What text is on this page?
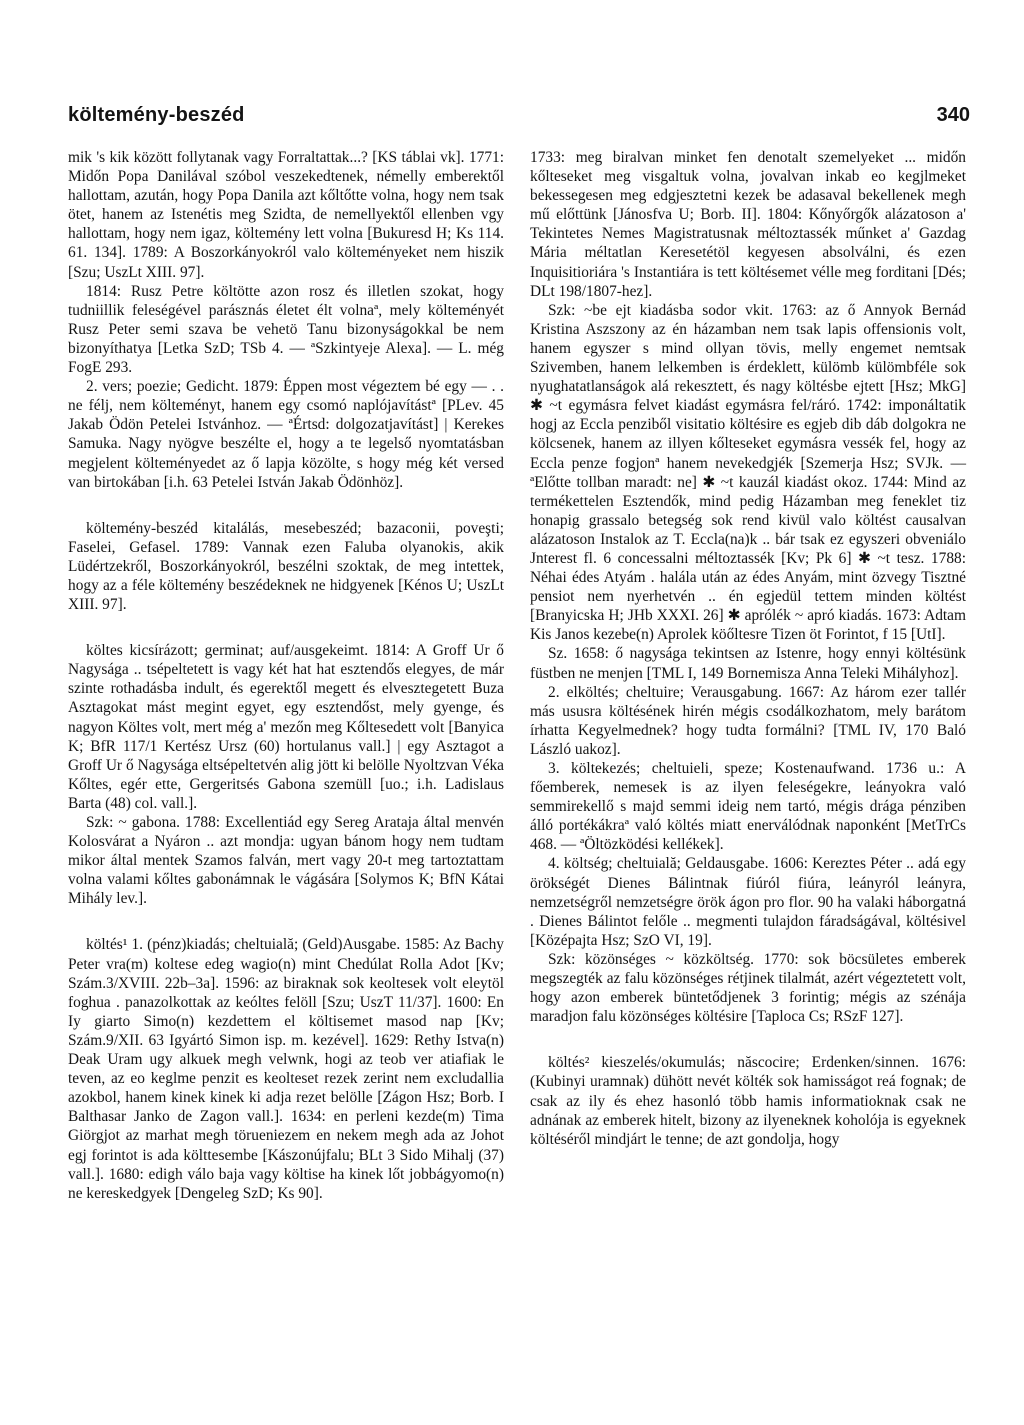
költemény-beszéd	340

mik 's kik között follytanak vagy Forraltattak...? [KS táblai vk]. 1771: Midőn Popa Danilával szóbol veszekedtenek, némelly emberektől hallottam, azután, hogy Popa Danila azt kőltőtte volna, hogy nem tsak ötet, hanem az Istenétis meg Szidta, de nemellyektől ellenben vgy hallottam, hogy nem igaz, költemény lett volna [Bukuresd H; Ks 114. 61. 134]. 1789: A Boszorkányokról valo költeményeket nem hiszik [Szu; UszLt XIII. 97].

1814: Rusz Petre költötte azon rosz és illetlen szokat, hogy tudniillik feleségével parásznás életet élt volnaª, mely költeményét Rusz Peter semi szava be vehetö Tanu bizonyságokkal be nem bizonyíthatya [Letka SzD; TSb 4. — ªSzkintyeje Alexa]. — L. még FogE 293.

2. vers; poezie; Gedicht. 1879: Éppen most végeztem bé egy — . . ne félj, nem költeményt, hanem egy csomó naplójavítástª [PLev. 45 Jakab Ödön Petelei Istvánhoz. — ªÉrtsd: dolgozatjavítást] | Kerekes Samuka. Nagy nyögve beszélte el, hogy a te legelső nyomtatásban megjelent költeményedet az ő lapja közölte, s hogy még két versed van birtokában [i.h. 63 Petelei István Jakab Ödönhöz].

költemény-beszéd kitalálás, mesebeszéd; bazaconii, poveşti; Faselei, Gefasel. 1789: Vannak ezen Faluba olyanokis, akik Lüdértzekről, Boszorkányokról, beszélni szoktak, de meg intettek, hogy az a féle költemény beszédeknek ne hidgyenek [Kénos U; UszLt XIII. 97].

költes kicsírázott; germinat; auf/ausgekeimt. 1814: A Groff Ur ő Nagysága .. tsépeltetett is vagy két hat hat esztendős elegyes, de már szinte rothadásba indult, és egerektől megett és elvesztegetett Buza Asztagokat mást megint egyet, egy esztendőst, mely gyenge, és nagyon Költes volt, mert még a' mezőn meg Kőltesedett volt [Banyica K; BfR 117/1 Kertész Ursz (60) hortulanus vall.] | egy Asztagot a Groff Ur ő Nagysága eltsépeltetvén alig jött ki belölle Nyoltzvan Véka Kőltes, egér ette, Gergeritsés Gabona szemüll [uo.; i.h. Ladislaus Barta (48) col. vall.].

Szk: ~ gabona. 1788: Excellentiád egy Sereg Arataja által menvén Kolosvárat a Nyáron .. azt mondja: ugyan bánom hogy nem tudtam mikor által mentek Szamos falván, mert vagy 20-t meg tartoztattam volna valami kőltes gabonámnak le vágására [Solymos K; BfN Kátai Mihály lev.].

költés¹ 1. (pénz)kiadás; cheltuială; (Geld)Ausgabe. 1585: Az Bachy Peter vra(m) koltese edeg wagio(n) mint Chedúlat Rolla Adot [Kv; Szám.3/XVIII. 22b–3a]. 1596: az biraknak sok keoltesek volt eleytöl foghua . panazolkottak az keóltes felöll [Szu; UszT 11/37]. 1600: En Iy giarto Simo(n) kezdettem el költisemet masod nap [Kv; Szám.9/XII. 63 Igyártó Simon isp. m. kezével]. 1629: Rethy Istva(n) Deak Uram ugy alkuek megh velwnk, hogi az teob ver atiafiak le teven, az eo keglme penzit es keolteset rezek zerint nem excludallia azokbol, hanem kinek kinek ki adja rezet belölle [Zágon Hsz; Borb. I Balthasar Janko de Zagon vall.]. 1634: en perleni kezde(m) Tima Giörgjot az marhat megh törueniezem en nekem megh ada az Johot egj forintot is ada költtesembe [Kászonújfalu; BLt 3 Sido Mihalj (37) vall.]. 1680: edigh válo baja vagy költise ha kinek lőt jobbágyomo(n) ne kereskedgyek [Dengeleg SzD; Ks 90].

1733: meg biralvan minket fen denotalt szemelyeket ... midőn kőlteseket meg visgaltuk volna, jovalvan inkab eo kegjlmeket bekessegesen meg edgjesztetni kezek be adasaval bekellenek megh mű előttünk [Jánosfva U; Borb. II]. 1804: Kőnyőrgők alázatoson a' Tekintetes Nemes Magistratusnak méltoztassék műnket a' Gazdag Mária méltatlan Keresetétöl kegyesen absolválni, és ezen Inquisitioriára 's Instantiára is tett költésemet vélle meg forditani [Dés; DLt 198/1807-hez].

Szk: ~be ejt kiadásba sodor vkit. 1763: az ő Annyok Bernád Kristina Aszszony az én házamban nem tsak lapis offensionis volt, hanem egyszer s mind ollyan tövis, melly engemet nemtsak Szivemben, hanem lelkemben is érdeklett, külömb külömbféle sok nyughatatlanságok alá rekesztett, és nagy költésbe ejtett [Hsz; MkG] ✱ ~t egymásra felvet kiadást egymásra fel/ráró. 1742: imponáltatik hogj az Eccla penziből visitatio költésire es egjeb dib dáb dolgokra ne kölcsenek, hanem az illyen kőlteseket egymásra vessék fel, hogy az Eccla penze fogjonª hanem nevekedgjék [Szemerja Hsz; SVJk. — ªElőtte tollban maradt: ne] ✱ ~t kauzál kiadást okoz. 1744: Mind az termékettelen Esztendők, mind pedig Házamban meg feneklet tiz honapig grassalo betegség sok rend kivül valo költést causalvan alázatoson Instalok az T. Eccla(na)k .. bár tsak ez egyszeri obveniálo Jnterest fl. 6 concessalni méltoztassék [Kv; Pk 6] ✱ ~t tesz. 1788: Néhai édes Atyám . halála után az édes Anyám, mint özvegy Tisztné pensiot nem nyerhetvén .. én egjedül tettem minden költést [Branyicska H; JHb XXXI. 26] ✱ aprólék ~ apró kiadás. 1673: Adtam Kis Janos kezebe(n) Aprolek köőltesre Tizen öt Forintot, f 15 [UtI].

Sz. 1658: ő nagysága tekintsen az Istenre, hogy ennyi költésünk füstben ne menjen [TML I, 149 Bornemisza Anna Teleki Mihályhoz].

2. elköltés; cheltuire; Verausgabung. 1667: Az három ezer tallér más ususra költésének hirén mégis csodálkozhatom, mely barátom írhatta Kegyelmednek? hogy tudta formálni? [TML IV, 170 Baló László uakoz].

3. költekezés; cheltuieli, speze; Kostenaufwand. 1736 u.: A főemberek, nemesek is az ilyen feleségekre, leányokra való semmirekellő s majd semmi ideig nem tartó, mégis drága pénziben álló portékákraª való költés miatt enerválódnak naponként [MetTrCs 468. — ªÖltözködési kellékek].

4. költség; cheltuială; Geldausgabe. 1606: Kereztes Péter .. adá egy örökségét Dienes Bálintnak fiúról fiúra, leányról leányra, nemzetségről nemzetségre örök ágon pro flor. 90 ha valaki háborgatná . Dienes Bálintot felőle .. megmenti tulajdon fáradságával, költésivel [Középajta Hsz; SzO VI, 19].

Szk: közönséges ~ közköltség. 1770: sok böcsületes emberek megszegték az falu közönséges rétjinek tilalmát, azért végeztetett volt, hogy azon emberek büntetődjenek 3 forintig; mégis az szénája maradjon falu közönséges költésire [Taploca Cs; RSzF 127].

költés² kieszelés/okumulás; născocire; Erdenken/sinnen. 1676: (Kubinyi uramnak) dühött nevét költék sok hamisságot reá fognak; de csak az ily és ehez hasonló több hamis informatioknak csak ne adnának az emberek hitelt, bizony az ilyeneknek koholója is egyeknek költéséről mindjárt le tenne; de azt gondolja, hogy
